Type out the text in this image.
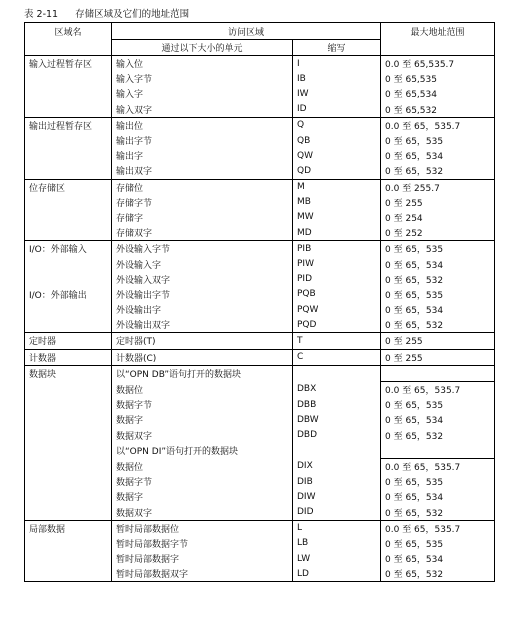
表 2-11 存储区域及它们的地址范围
区域名	访问区域		最大地址范围
	通过以下大小的单元	缩写	
输入过程暂存区	输入位	I	0.0 至 65,535.7
	输入字节	IB	0 至 65,535
	输入字	IW	0 至 65,534
	输入双字	ID	0 至 65,532
输出过程暂存区	输出位	Q	0.0 至 65，535.7
	输出字节	QB	0 至 65，535
	输出字	QW	0 至 65，534
	输出双字	QD	0 至 65，532
位存储区	存储位	M	0.0 至 255.7
	存储字节	MB	0 至 255
	存储字	MW	0 至 254
	存储双字	MD	0 至 252
I/O：外部输入	外设输入字节	PIB	0 至 65，535
	外设输入字	PIW	0 至 65，534
	外设输入双字	PID	0 至 65，532
I/O：外部输出	外设输出字节	PQB	0 至 65，535
	外设输出字	PQW	0 至 65，534
	外设输出双字	PQD	0 至 65，532
定时器	定时器(T)	T	0 至 255
计数器	计数器(C)	C	0 至 255
数据块	以“OPN DB”语句打开的数据块		
	数据位	DBX	0.0 至 65，535.7
	数据字节	DBB	0 至 65，535
	数据字	DBW	0 至 65，534
	数据双字	DBD	0 至 65，532
	以“OPN DI”语句打开的数据块		
	数据位	DIX	0.0 至 65，535.7
	数据字节	DIB	0 至 65，535
	数据字	DIW	0 至 65，534
	数据双字	DID	0 至 65，532
局部数据	暂时局部数据位	L	0.0 至 65，535.7
	暂时局部数据字节	LB	0 至 65，535
	暂时局部数据字	LW	0 至 65，534
	暂时局部数据双字	LD	0 至 65，532
